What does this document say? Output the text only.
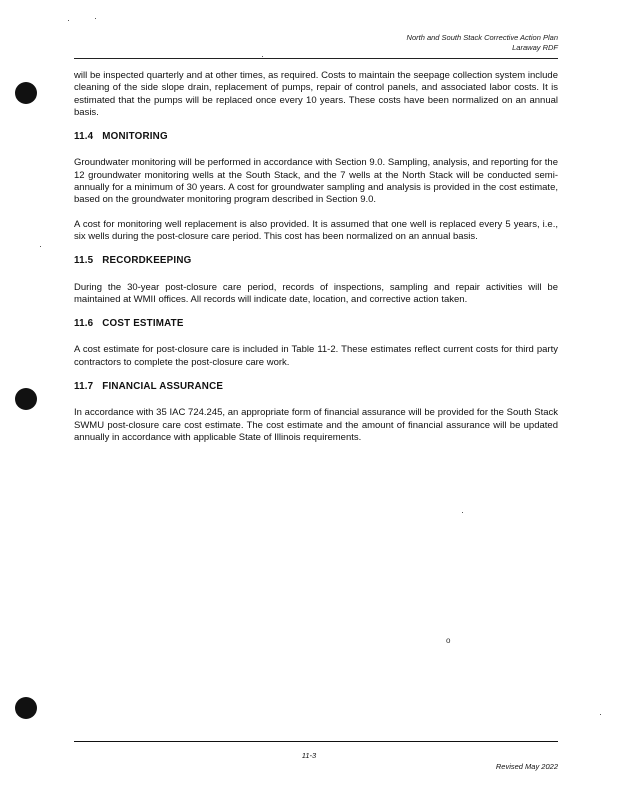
North and South Stack Corrective Action Plan
Laraway RDF

will be inspected quarterly and at other times, as required. Costs to maintain the seepage collection system include cleaning of the side slope drain, replacement of pumps, repair of control panels, and associated labor costs. It is estimated that the pumps will be replaced once every 10 years. These costs have been normalized on an annual basis.

11.4 MONITORING

Groundwater monitoring will be performed in accordance with Section 9.0. Sampling, analysis, and reporting for the 12 groundwater monitoring wells at the South Stack, and the 7 wells at the North Stack will be conducted semi-annually for a minimum of 30 years. A cost for groundwater sampling and analysis is provided in the cost estimate, based on the groundwater monitoring program described in Section 9.0.

A cost for monitoring well replacement is also provided. It is assumed that one well is replaced every 5 years, i.e., six wells during the post-closure care period. This cost has been normalized on an annual basis.

11.5 RECORDKEEPING

During the 30-year post-closure care period, records of inspections, sampling and repair activities will be maintained at WMII offices. All records will indicate date, location, and corrective action taken.

11.6 COST ESTIMATE

A cost estimate for post-closure care is included in Table 11-2. These estimates reflect current costs for third party contractors to complete the post-closure care work.

11.7 FINANCIAL ASSURANCE

In accordance with 35 IAC 724.245, an appropriate form of financial assurance will be provided for the South Stack SWMU post-closure care cost estimate. The cost estimate and the amount of financial assurance will be updated annually in accordance with applicable State of Illinois requirements.

o
11-3
Revised May 2022
